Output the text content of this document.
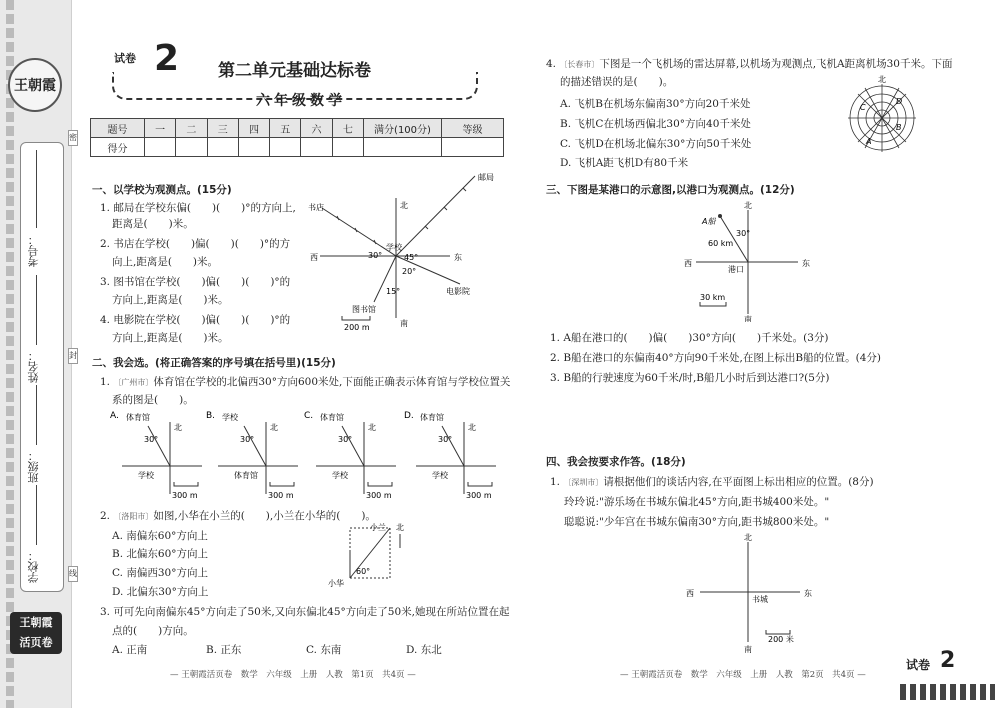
王朝霞
考号：
姓名：
班级：
学校：
密
封
线
王朝霞
活页卷
试卷 2 第二单元基础达标卷
六年级数学
题号	一	二	三	四	五	六	七	满分(100分)	等级
得分									
一、以学校为观测点。(15分)
1. 邮局在学校东偏(　　)(　　)°的方向上,
距离是(　　)米。
2. 书店在学校(　　)偏(　　)(　　)°的方
向上,距离是(　　)米。
3. 图书馆在学校(　　)偏(　　)(　　)°的
方向上,距离是(　　)米。
4. 电影院在学校(　　)偏(　　)(　　)°的
方向上,距离是(　　)米。
北
南
东
西
学校
邮局
书店
图书馆
电影院
30°	45°
20°
15°
200 m
二、我会选。(将正确答案的序号填在括号里)(15分)
1. 〔广州市〕体育馆在学校的北偏西30°方向600米处,下面能正确表示体育馆与学校位置关
系的图是(　　)。
A. 体育馆
北
30°
学校
300 m
B. 学校
北
30°
体育馆
300 m
C. 体育馆
北
30°
学校
300 m
D. 体育馆
北
30°
学校
300 m
2. 〔洛阳市〕如图,小华在小兰的(　　),小兰在小华的(　　)。
A. 南偏东60°方向上
B. 北偏东60°方向上
C. 南偏西30°方向上
D. 北偏东30°方向上
小兰
小华
北
60°
3. 可可先向南偏东45°方向走了50米,又向东偏北45°方向走了50米,她现在所站位置在起
点的(　　)方向。
A. 正南	B. 正东	C. 东南	D. 东北
— 王朝霞活页卷　数学　六年级　上册　人教　第1页　共4页 —
4. 〔长春市〕下图是一个飞机场的雷达屏幕,以机场为观测点,飞机A距离机场30千米。下面
的描述错误的是(　　)。
A. 飞机B在机场东偏南30°方向20千米处
B. 飞机C在机场西偏北30°方向40千米处
C. 飞机D在机场北偏东30°方向50千米处
D. 飞机A距飞机D有80千米
北
D
C
B
A
三、下图是某港口的示意图,以港口为观测点。(12分)
北
南
东
西
港口
A船
60 km
30°
30 km
1. A船在港口的(　　)偏(　　)30°方向(　　)千米处。(3分)
2. B船在港口的东偏南40°方向90千米处,在图上标出B船的位置。(4分)
3. B船的行驶速度为60千米/时,B船几小时后到达港口?(5分)
四、我会按要求作答。(18分)
1. 〔深圳市〕请根据他们的谈话内容,在平面图上标出相应的位置。(8分)
玲玲说:"游乐场在书城东偏北45°方向,距书城400米处。"
聪聪说:"少年宫在书城东偏南30°方向,距书城800米处。"
北
南
东
西
书城
200 米
— 王朝霞活页卷　数学　六年级　上册　人教　第2页　共4页 —
试卷 2
